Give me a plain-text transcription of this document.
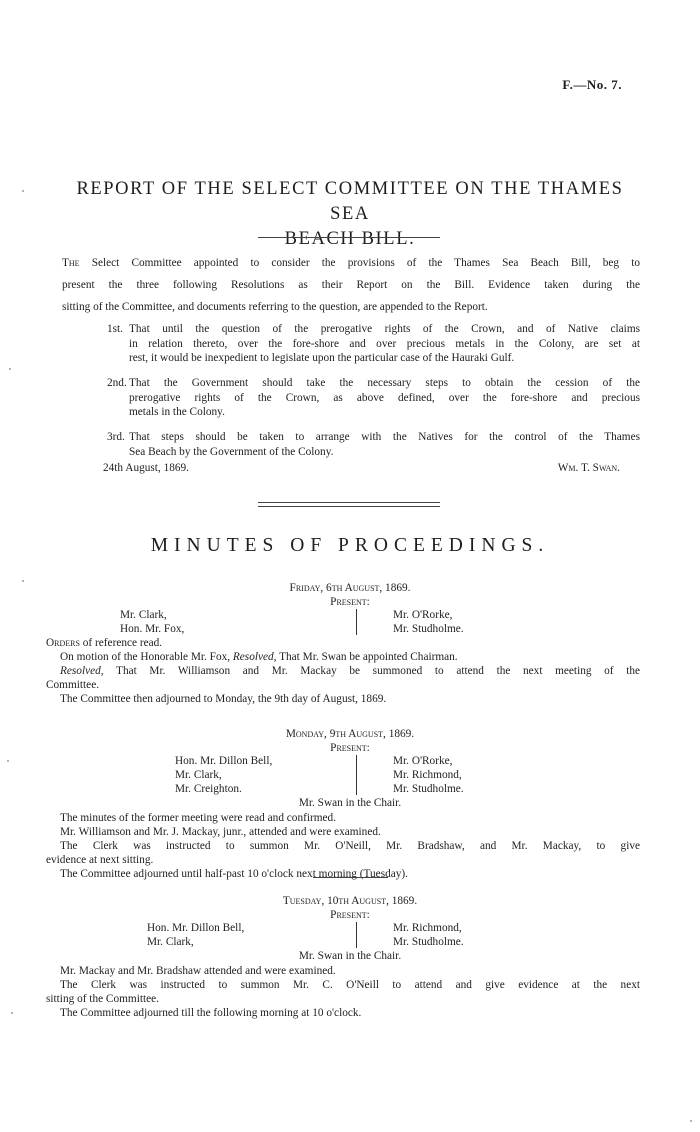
F.—No. 7.
REPORT OF THE SELECT COMMITTEE ON THE THAMES SEA
BEACH BILL.
The Select Committee appointed to consider the provisions of the Thames Sea Beach Bill, beg to
present the three following Resolutions as their Report on the Bill. Evidence taken during the
sitting of the Committee, and documents referring to the question, are appended to the Report.
1st. That until the question of the prerogative rights of the Crown, and of Native claims
in relation thereto, over the fore-shore and over precious metals in the Colony, are set at
rest, it would be inexpedient to legislate upon the particular case of the Hauraki Gulf.
2nd. That the Government should take the necessary steps to obtain the cession of the
prerogative rights of the Crown, as above defined, over the fore-shore and precious
metals in the Colony.
3rd. That steps should be taken to arrange with the Natives for the control of the Thames
Sea Beach by the Government of the Colony.
24th August, 1869.	Wm. T. Swan.
MINUTES OF PROCEEDINGS.
Friday, 6th August, 1869.
Present:
Mr. Clark,
Hon. Mr. Fox,
Mr. O'Rorke,
Mr. Studholme.
Orders of reference read.
On motion of the Honorable Mr. Fox, Resolved, That Mr. Swan be appointed Chairman.
Resolved, That Mr. Williamson and Mr. Mackay be summoned to attend the next meeting of the
Committee.
The Committee then adjourned to Monday, the 9th day of August, 1869.
Monday, 9th August, 1869.
Present:
Hon. Mr. Dillon Bell,
Mr. Clark,
Mr. Creighton.
Mr. O'Rorke,
Mr. Richmond,
Mr. Studholme.
Mr. Swan in the Chair.
The minutes of the former meeting were read and confirmed.
Mr. Williamson and Mr. J. Mackay, junr., attended and were examined.
The Clerk was instructed to summon Mr. O'Neill, Mr. Bradshaw, and Mr. Mackay, to give
evidence at next sitting.
The Committee adjourned until half-past 10 o'clock next morning (Tuesday).
Tuesday, 10th August, 1869.
Present:
Hon. Mr. Dillon Bell,
Mr. Clark,
Mr. Richmond,
Mr. Studholme.
Mr. Swan in the Chair.
Mr. Mackay and Mr. Bradshaw attended and were examined.
The Clerk was instructed to summon Mr. C. O'Neill to attend and give evidence at the next
sitting of the Committee.
The Committee adjourned till the following morning at 10 o'clock.
